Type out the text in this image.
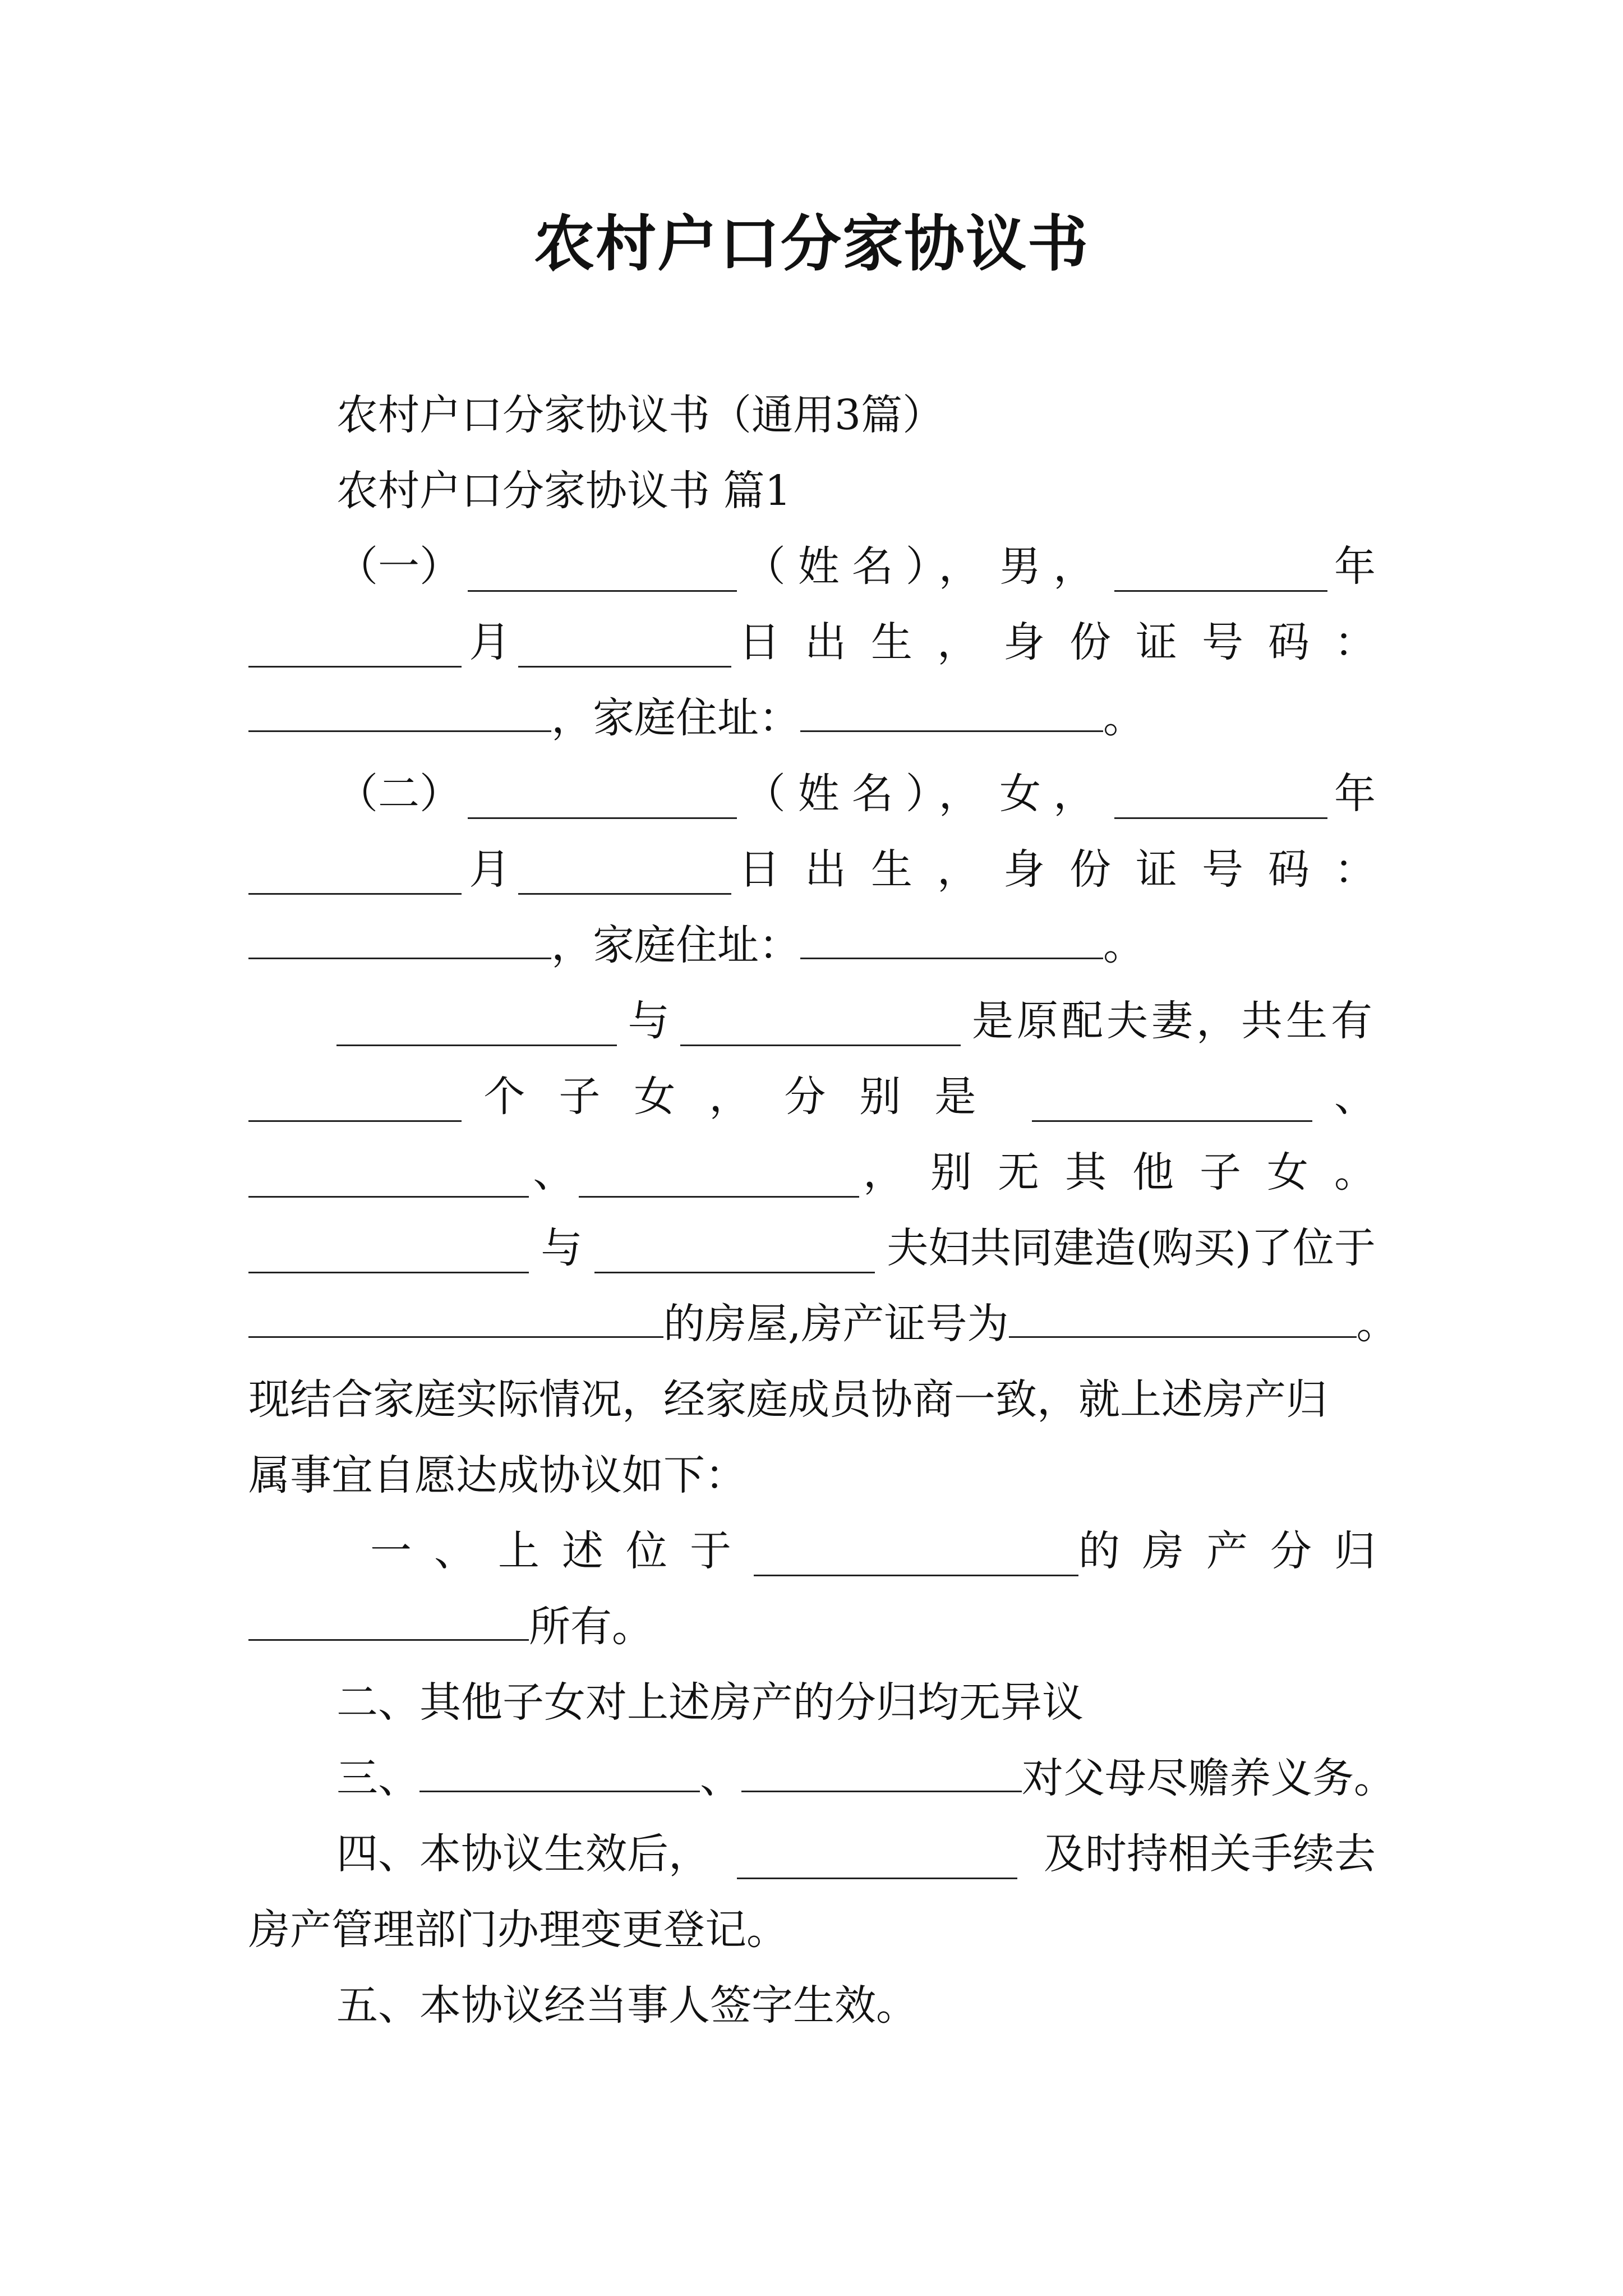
农村户口分家协议书
农村户口分家协议书（通用3篇）
农村户口分家协议书 篇1
（一）	（姓名）， 男，	年
月	日出生，身份证号码：
，家庭住址：	。
（二）	（姓名）， 女，	年
月	日出生，身份证号码：
，家庭住址：	。
与	是原配夫妻，共生有
个子女，分别是	、
、	，别无其他子女。
与	夫妇共同建造(购买)了位于
的房屋,房产证号为	。
现结合家庭实际情况，经家庭成员协商一致，就上述房产归
属事宜自愿达成协议如下：
一、上述位于	的房产分归
所有。
二、其他子女对上述房产的分归均无异议
三、	、	对父母尽赡养义务。
四、本协议生效后，	及时持相关手续去
房产管理部门办理变更登记。
五、本协议经当事人签字生效。
